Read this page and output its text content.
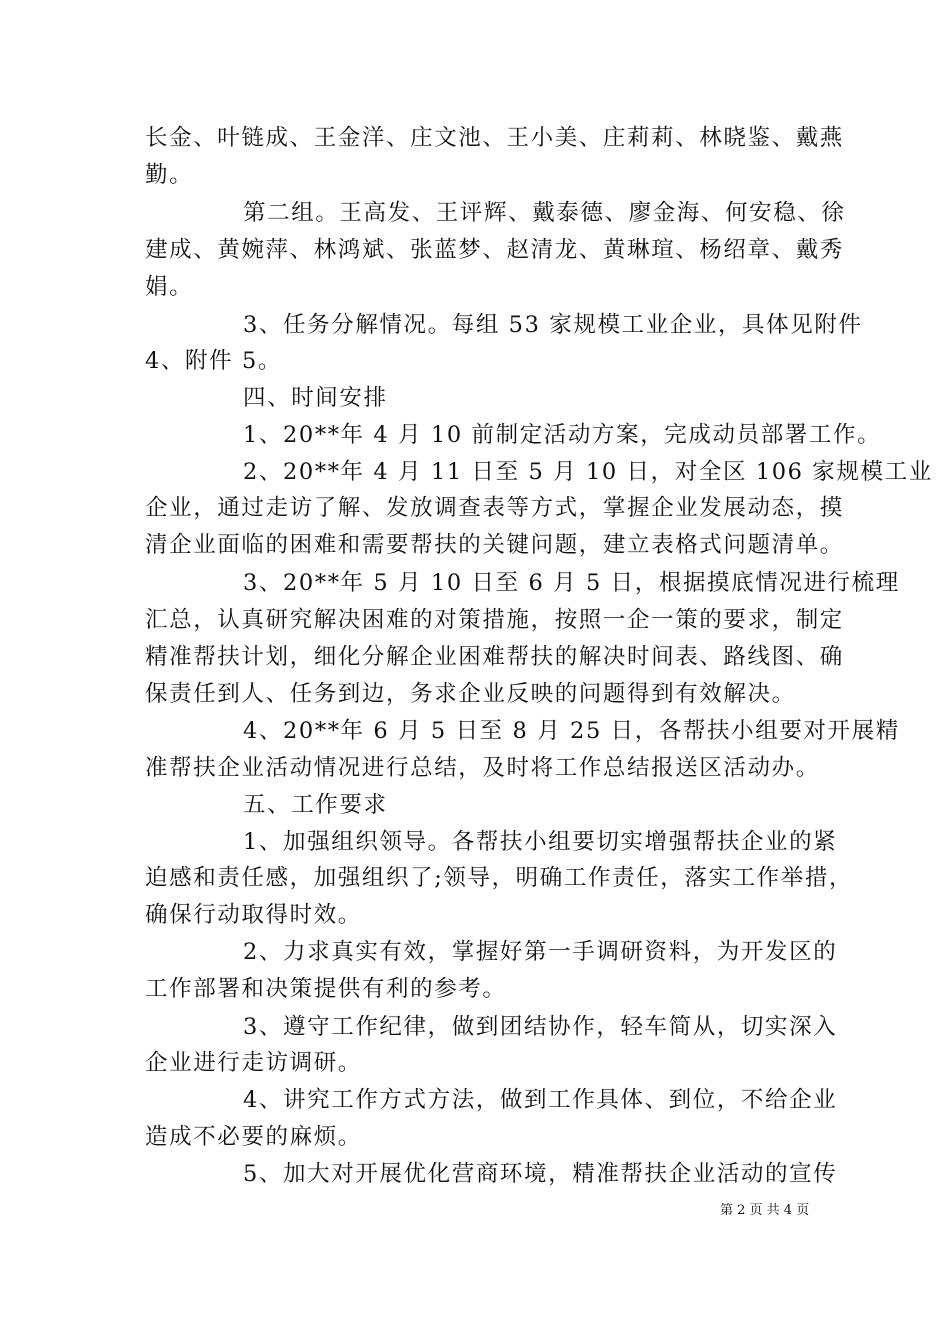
长金、叶链成、王金洋、庄文池、王小美、庄莉莉、林晓鉴、戴燕
勤。
第二组。王高发、王评辉、戴泰德、廖金海、何安稳、徐
建成、黄婉萍、林鸿斌、张蓝梦、赵清龙、黄琳瑄、杨绍章、戴秀
娟。
3、任务分解情况。每组 53 家规模工业企业，具体见附件
4、附件 5。
四、时间安排
1、20**年 4 月 10 前制定活动方案，完成动员部署工作。
2、20**年 4 月 11 日至 5 月 10 日，对全区 106 家规模工业
企业，通过走访了解、发放调查表等方式，掌握企业发展动态，摸
清企业面临的困难和需要帮扶的关键问题，建立表格式问题清单。
3、20**年 5 月 10 日至 6 月 5 日，根据摸底情况进行梳理
汇总，认真研究解决困难的对策措施，按照一企一策的要求，制定
精准帮扶计划，细化分解企业困难帮扶的解决时间表、路线图、确
保责任到人、任务到边，务求企业反映的问题得到有效解决。
4、20**年 6 月 5 日至 8 月 25 日，各帮扶小组要对开展精
准帮扶企业活动情况进行总结，及时将工作总结报送区活动办。
五、工作要求
1、加强组织领导。各帮扶小组要切实增强帮扶企业的紧
迫感和责任感，加强组织了;领导，明确工作责任，落实工作举措，
确保行动取得时效。
2、力求真实有效，掌握好第一手调研资料，为开发区的
工作部署和决策提供有利的参考。
3、遵守工作纪律，做到团结协作，轻车简从，切实深入
企业进行走访调研。
4、讲究工作方式方法，做到工作具体、到位，不给企业
造成不必要的麻烦。
5、加大对开展优化营商环境，精准帮扶企业活动的宣传
第 2 页 共 4 页
